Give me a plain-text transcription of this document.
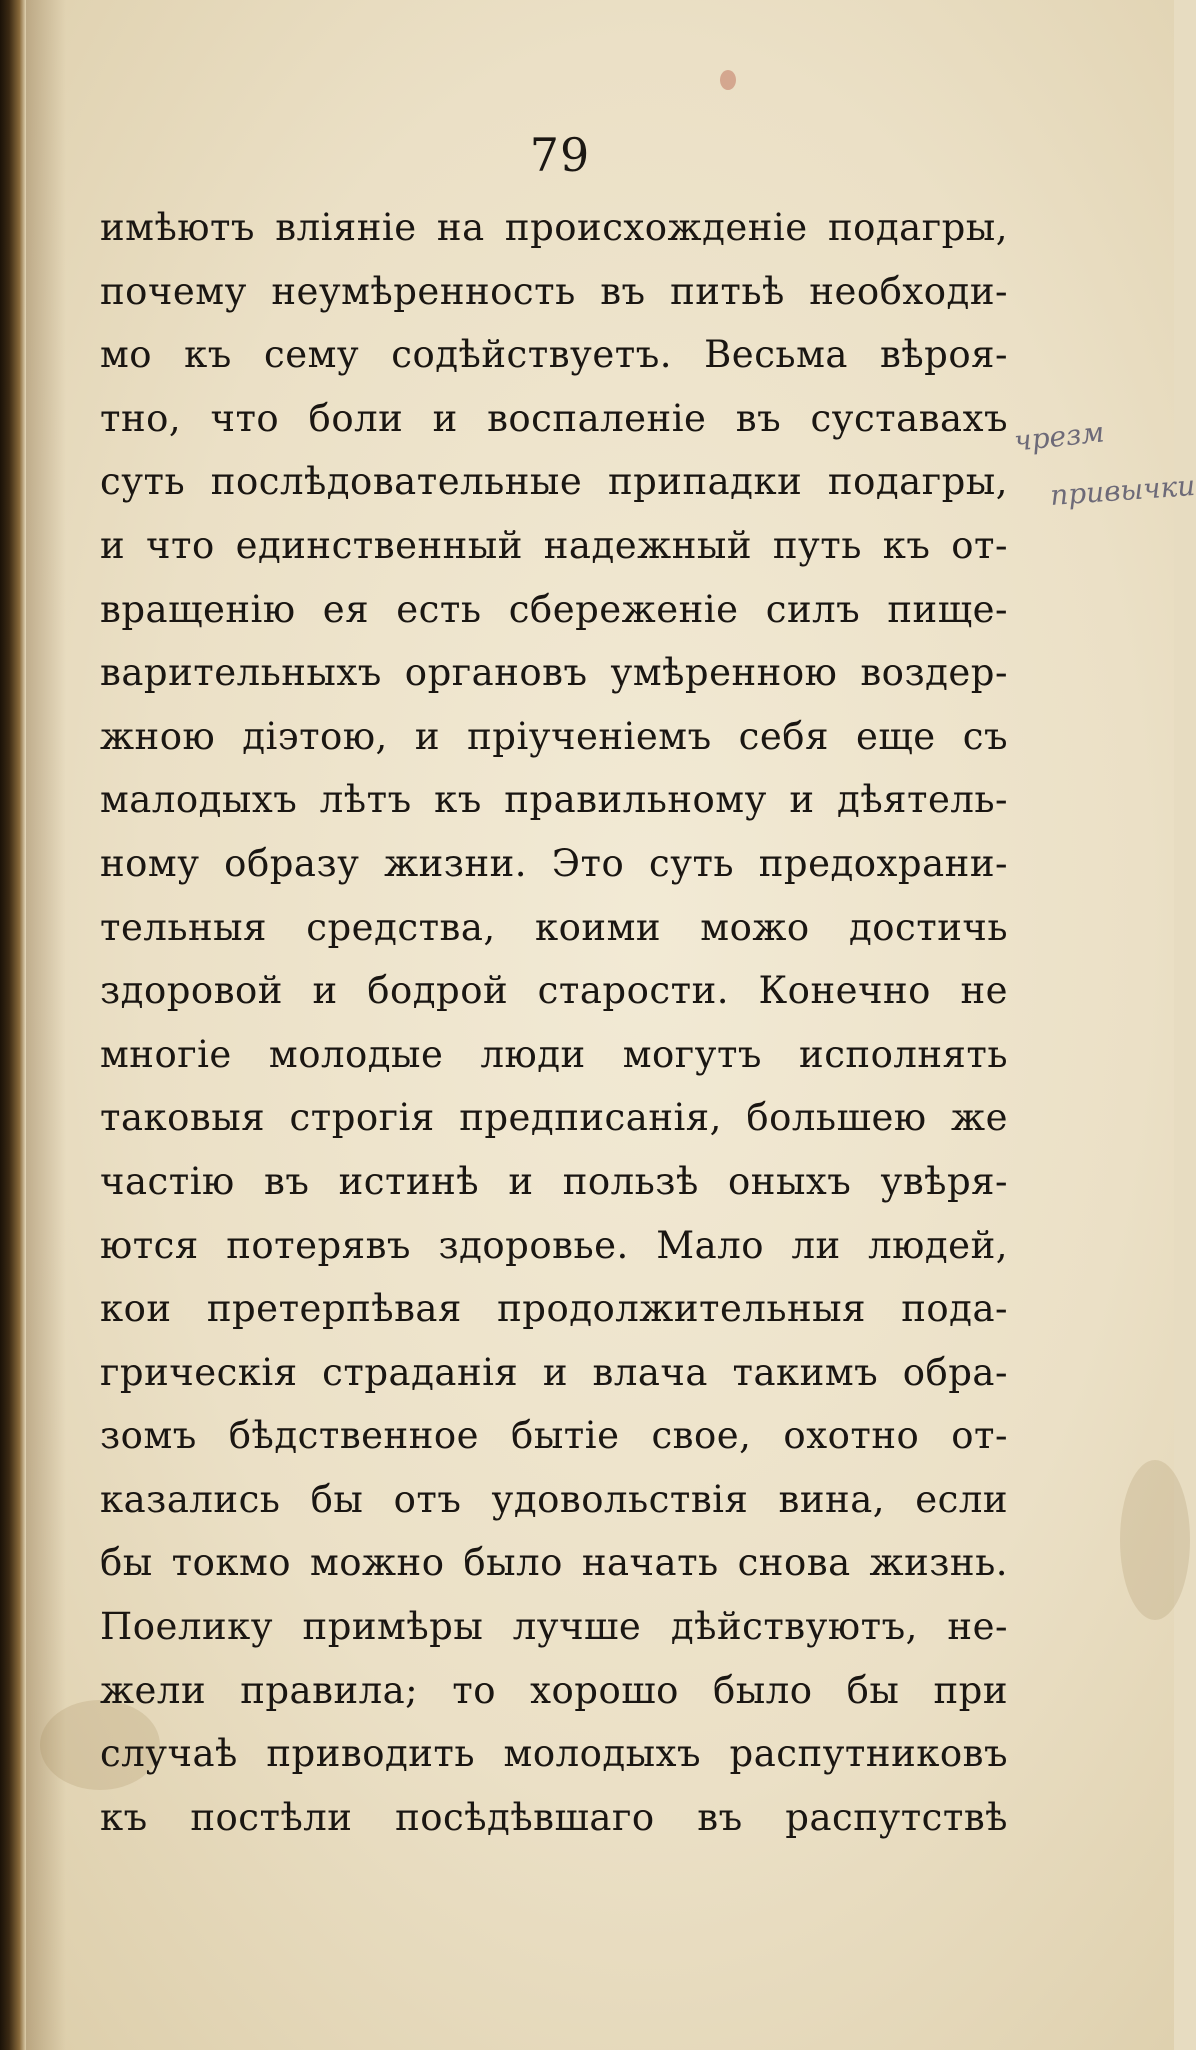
79
имѣютъ вліяніе на происхожденіе подагры,
почему неумѣренность въ питьѣ необходи-
мо къ сему содѣйствуетъ. Весьма вѣроя-
тно, что боли и воспаленіе въ суставахъ
суть послѣдовательные припадки подагры,
и что единственный надежный путь къ от-
вращенію ея есть сбереженіе силъ пище-
варительныхъ органовъ умѣренною воздер-
жною діэтою, и пріученіемъ себя еще съ
малодыхъ лѣтъ къ правильному и дѣятель-
ному образу жизни. Это суть предохрани-
тельныя средства, коими можо достичь
здоровой и бодрой старости. Конечно не
многіе молодые люди могутъ исполнять
таковыя строгія предписанія, большею же
частію въ истинѣ и пользѣ оныхъ увѣря-
ются потерявъ здоровье. Мало ли людей,
кои претерпѣвая продолжительныя пода-
грическія страданія и влача такимъ обра-
зомъ бѣдственное бытіе свое, охотно от-
казались бы отъ удовольствія вина, если
бы токмо можно было начать снова жизнь.
Поелику примѣры лучше дѣйствуютъ, не-
жели правила; то хорошо было бы при
случаѣ приводить молодыхъ распутниковъ
къ постѣли посѣдѣвшаго въ распутствѣ
чрезм
привычки
